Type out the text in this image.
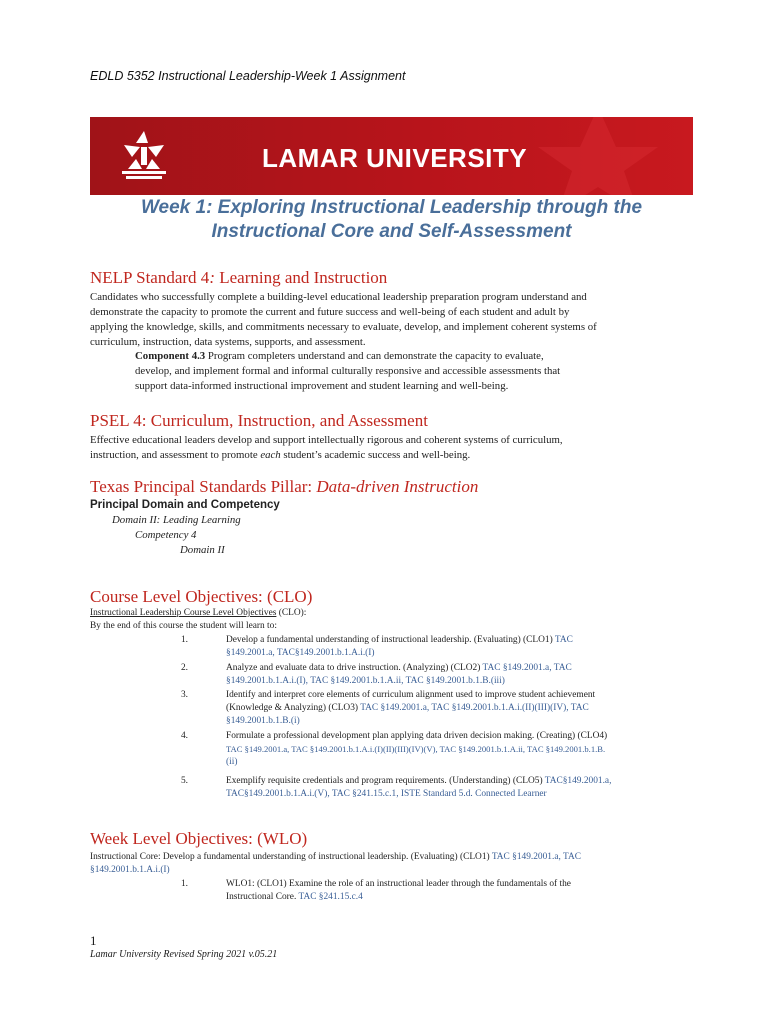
EDLD 5352 Instructional Leadership-Week 1 Assignment
LAMAR UNIVERSITY
Week 1: Exploring Instructional Leadership through the
Instructional Core and Self-Assessment
NELP Standard 4: Learning and Instruction
Candidates who successfully complete a building-level educational leadership preparation program understand and
demonstrate the capacity to promote the current and future success and well-being of each student and adult by
applying the knowledge, skills, and commitments necessary to evaluate, develop, and implement coherent systems of
curriculum, instruction, data systems, supports, and assessment.
Component 4.3 Program completers understand and can demonstrate the capacity to evaluate,
develop, and implement formal and informal culturally responsive and accessible assessments that
support data-informed instructional improvement and student learning and well-being.
PSEL 4: Curriculum, Instruction, and Assessment
Effective educational leaders develop and support intellectually rigorous and coherent systems of curriculum,
instruction, and assessment to promote each student’s academic success and well-being.
Texas Principal Standards Pillar: Data-driven Instruction
Principal Domain and Competency
Domain II: Leading Learning
Competency 4
Domain II
Course Level Objectives: (CLO)
Instructional Leadership Course Level Objectives (CLO):
By the end of this course the student will learn to:
1.	Develop a fundamental understanding of instructional leadership. (Evaluating) (CLO1) TAC
§149.2001.a, TAC§149.2001.b.1.A.i.(I)
2.	Analyze and evaluate data to drive instruction. (Analyzing) (CLO2) TAC §149.2001.a, TAC
§149.2001.b.1.A.i.(I), TAC §149.2001.b.1.A.ii, TAC §149.2001.b.1.B.(iii)
3.	Identify and interpret core elements of curriculum alignment used to improve student achievement
(Knowledge & Analyzing) (CLO3) TAC §149.2001.a, TAC §149.2001.b.1.A.i.(II)(III)(IV), TAC
§149.2001.b.1.B.(i)
4.	Formulate a professional development plan applying data driven decision making. (Creating) (CLO4)
TAC §149.2001.a, TAC §149.2001.b.1.A.i.(I)(II)(III)(IV)(V), TAC §149.2001.b.1.A.ii, TAC §149.2001.b.1.B.
(ii)
5.	Exemplify requisite credentials and program requirements. (Understanding) (CLO5) TAC§149.2001.a,
TAC§149.2001.b.1.A.i.(V), TAC §241.15.c.1, ISTE Standard 5.d. Connected Learner
Week Level Objectives: (WLO)
Instructional Core: Develop a fundamental understanding of instructional leadership. (Evaluating) (CLO1) TAC §149.2001.a, TAC
§149.2001.b.1.A.i.(I)
1.	WLO1: (CLO1) Examine the role of an instructional leader through the fundamentals of the
Instructional Core. TAC §241.15.c.4
1
Lamar University Revised Spring 2021 v.05.21
